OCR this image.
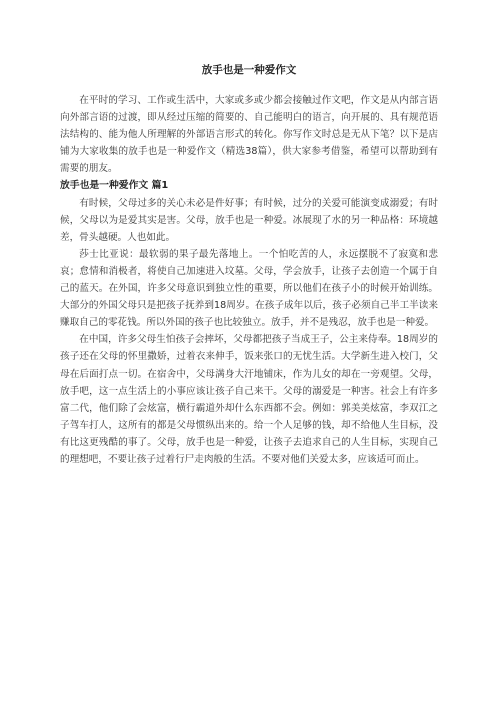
放手也是一种爱作文

在平时的学习、工作或生活中，大家或多或少都会接触过作文吧，作文是从内部言语向外部言语的过渡，即从经过压缩的简要的、自己能明白的语言，向开展的、具有规范语法结构的、能为他人所理解的外部语言形式的转化。你写作文时总是无从下笔？以下是店铺为大家收集的放手也是一种爱作文（精选38篇），供大家参考借鉴，希望可以帮助到有需要的朋友。

放手也是一种爱作文 篇1

有时候，父母过多的关心未必是件好事；有时候，过分的关爱可能演变成溺爱；有时候，父母以为是爱其实是害。父母，放手也是一种爱。冰展现了水的另一种品格：环境越差，骨头越硬。人也如此。

莎士比亚说：最软弱的果子最先落地上。一个怕吃苦的人，永远摆脱不了寂寞和悲哀；怠情和消极者，将使自己加速进入坟墓。父母，学会放手，让孩子去创造一个属于自己的蓝天。在外国，许多父母意识到独立性的重要，所以他们在孩子小的时候开始训练。大部分的外国父母只是把孩子抚养到18周岁。在孩子成年以后，孩子必须自己半工半读来赚取自己的零花钱。所以外国的孩子也比较独立。放手，并不是残忍，放手也是一种爱。

在中国，许多父母生怕孩子会摔坏，父母都把孩子当成王子，公主来侍奉。18周岁的孩子还在父母的怀里撒娇，过着衣来伸手，饭来张口的无忧生活。大学新生进入校门，父母在后面打点一切。在宿舍中，父母满身大汗地铺床，作为儿女的却在一旁观望。父母，放手吧，这一点生活上的小事应该让孩子自己来干。父母的溺爱是一种害。社会上有许多富二代，他们除了会炫富，横行霸道外却什么东西都不会。例如：郭美美炫富，李双江之子驾车打人，这所有的都是父母惯纵出来的。给一个人足够的钱，却不给他人生目标，没有比这更残酷的事了。父母，放手也是一种爱，让孩子去追求自己的人生目标，实现自己的理想吧，不要让孩子过着行尸走肉般的生活。不要对他们关爱太多，应该适可而止。
